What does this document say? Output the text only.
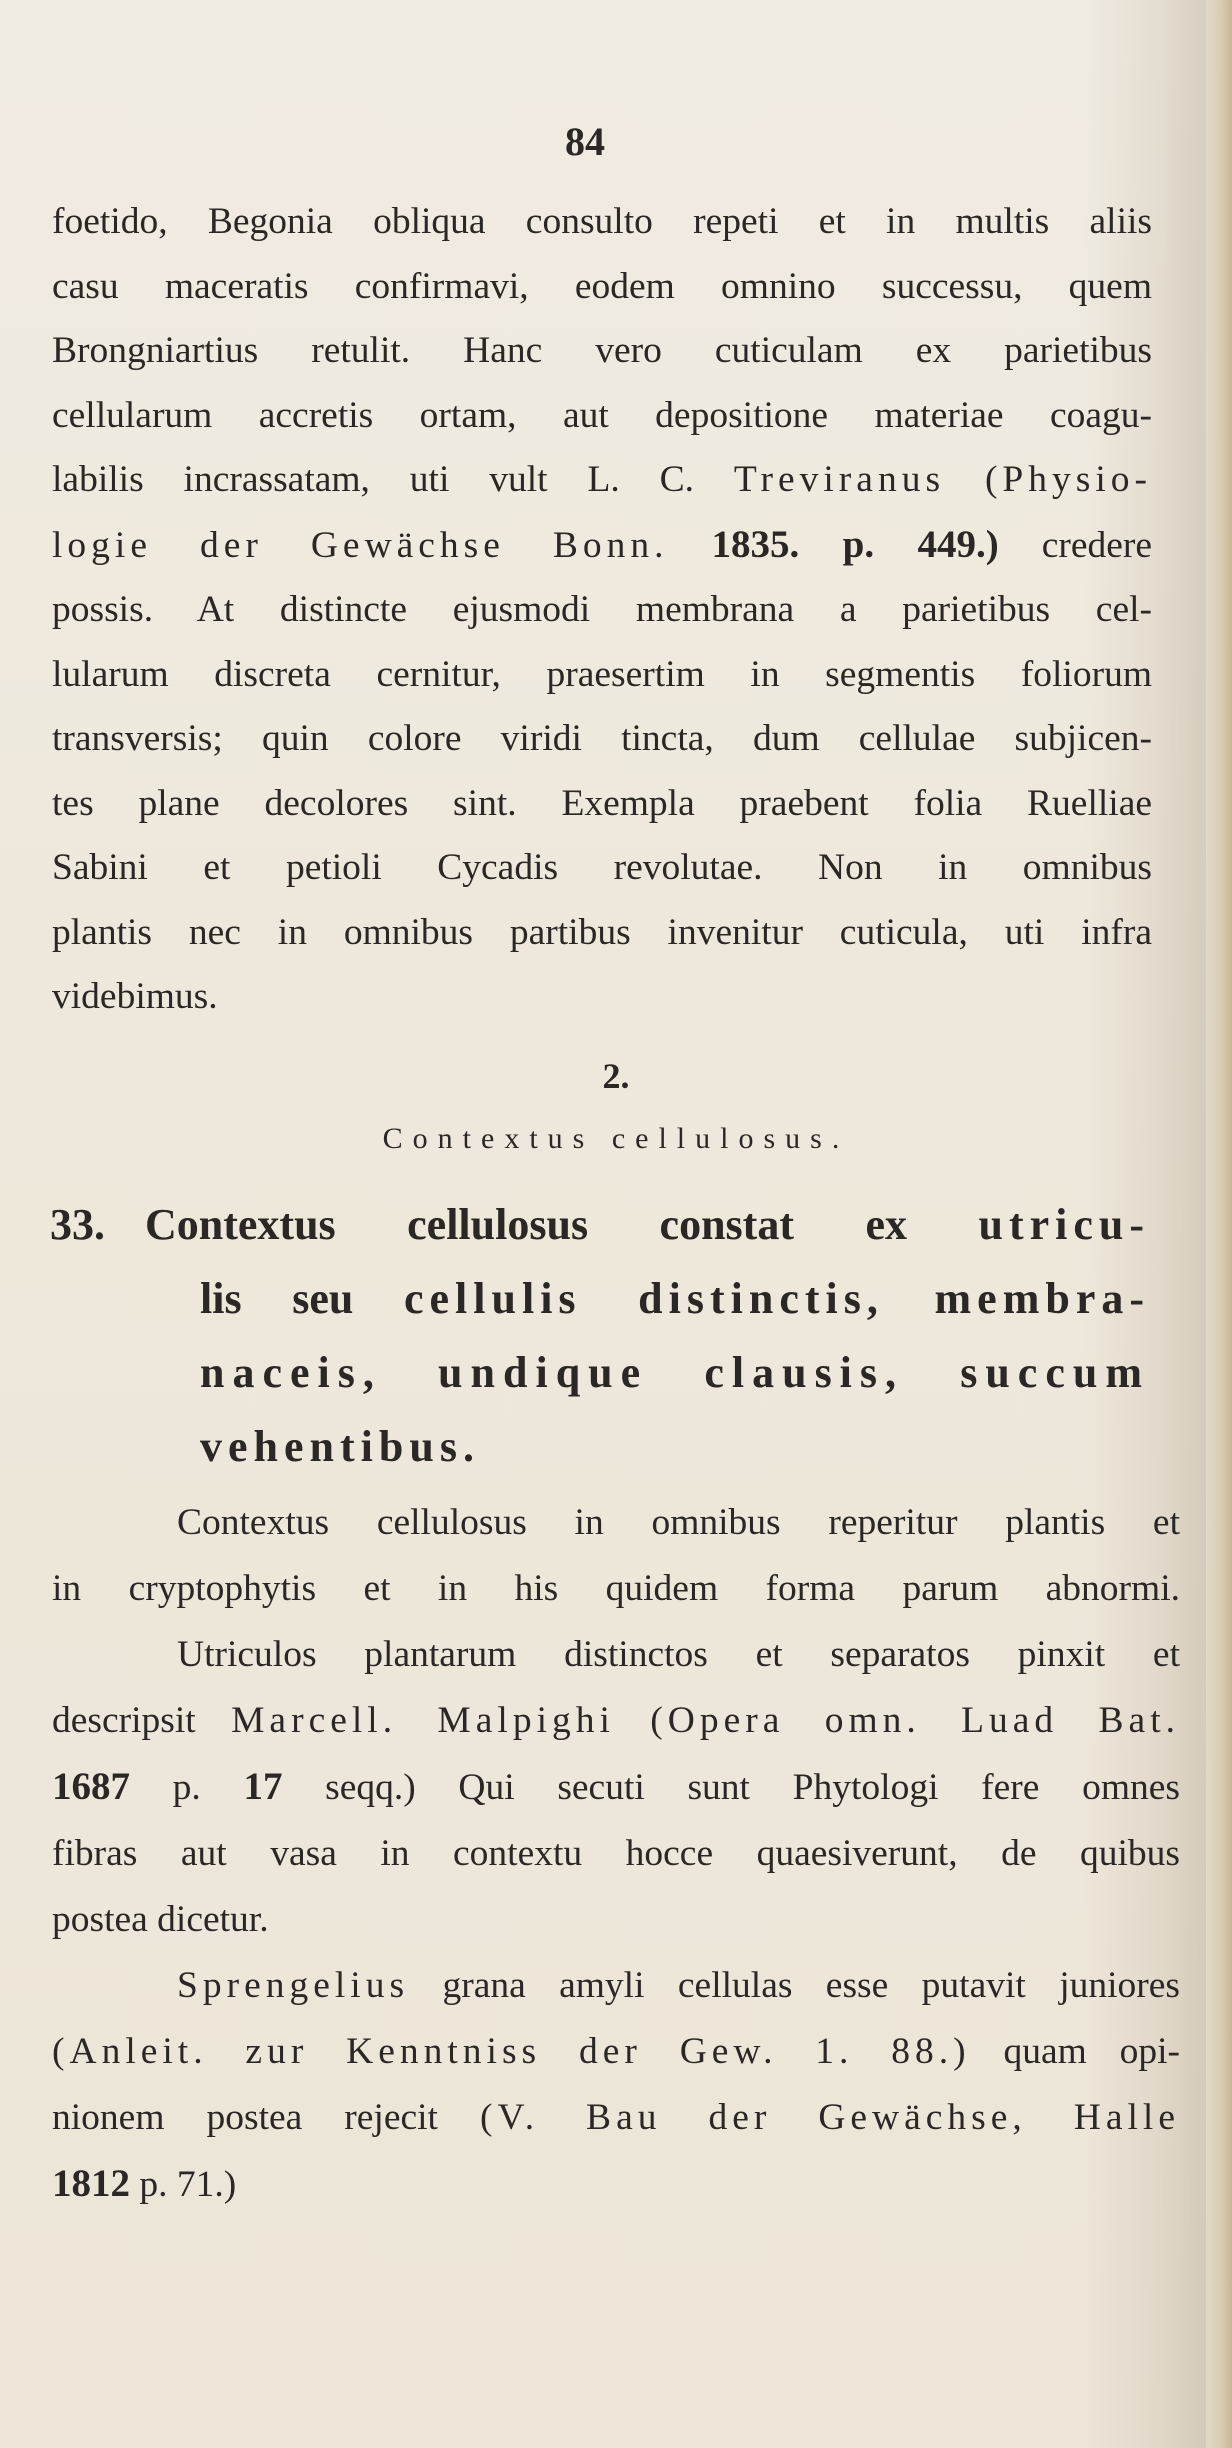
84
foetido, Begonia obliqua consulto repeti et in multis aliis
casu maceratis confirmavi, eodem omnino successu, quem
Brongniartius retulit. Hanc vero cuticulam ex parietibus
cellularum accretis ortam, aut depositione materiae coagu-
labilis incrassatam, uti vult L. C. Treviranus (Physio-
logie der Gewächse Bonn. 1835. p. 449.) credere
possis. At distincte ejusmodi membrana a parietibus cel-
lularum discreta cernitur, praesertim in segmentis foliorum
transversis; quin colore viridi tincta, dum cellulae subjicen-
tes plane decolores sint. Exempla praebent folia Ruelliae
Sabini et petioli Cycadis revolutae. Non in omnibus
plantis nec in omnibus partibus invenitur cuticula, uti infra
videbimus.
2.
Contextus cellulosus.
33. Contextus cellulosus constat ex utricu-
lis seu cellulis distinctis, membra-
naceis, undique clausis, succum
vehentibus.
Contextus cellulosus in omnibus reperitur plantis et
in cryptophytis et in his quidem forma parum abnormi.
Utriculos plantarum distinctos et separatos pinxit et
descripsit Marcell. Malpighi (Opera omn. Luad Bat.
1687 p. 17 seqq.) Qui secuti sunt Phytologi fere omnes
fibras aut vasa in contextu hocce quaesiverunt, de quibus
postea dicetur.
Sprengelius grana amyli cellulas esse putavit juniores
(Anleit. zur Kenntniss der Gew. 1. 88.) quam opi-
nionem postea rejecit (V. Bau der Gewächse, Halle
1812 p. 71.)
